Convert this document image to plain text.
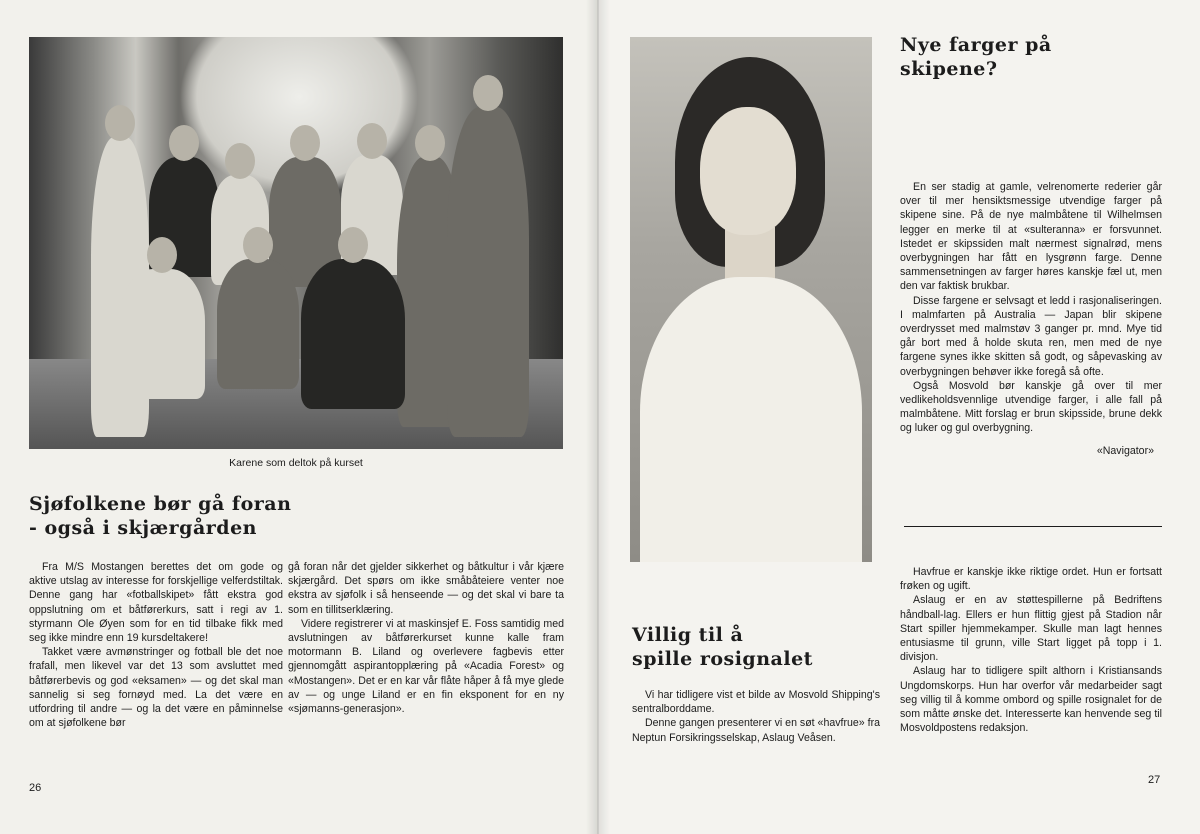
Karene som deltok på kurset
Sjøfolkene bør gå foran
- også i skjærgården

Fra M/S Mostangen berettes det om gode og aktive utslag av interesse for forskjellige velferdstiltak. Denne gang har «fotballskipet» fått ekstra god oppslutning om et båtførerkurs, satt i regi av 1. styrmann Ole Øyen som for en tid tilbake fikk med seg ikke mindre enn 19 kursdeltakere!

Takket være avmønstringer og fotball ble det noe frafall, men likevel var det 13 som avsluttet med båtførerbevis og god «eksamen» — og det skal man sannelig si seg fornøyd med. La det være en utfordring til andre — og la det være en påminnelse om at sjøfolkene bør

gå foran når det gjelder sikkerhet og båtkultur i vår kjære skjærgård. Det spørs om ikke småbåteiere venter noe ekstra av sjøfolk i så henseende — og det skal vi bare ta som en tillitserklæring.

Videre registrerer vi at maskinsjef E. Foss samtidig med avslutningen av båtførerkurset kunne kalle fram motormann B. Liland og overlevere fagbevis etter gjennomgått aspirantopplæring på «Acadia Forest» og «Mostangen». Det er en kar vår flåte håper å få mye glede av — og unge Liland er en fin eksponent for en ny «sjømanns-generasjon».

26
Nye farger på
skipene?

En ser stadig at gamle, velrenomerte rederier går over til mer hensiktsmessige utvendige farger på skipene sine. På de nye malmbåtene til Wilhelmsen legger en merke til at «sulteranna» er forsvunnet. Istedet er skipssiden malt nærmest signalrød, mens overbygningen har fått en lysgrønn farge. Denne sammensetningen av farger høres kanskje fæl ut, men den var faktisk brukbar.

Disse fargene er selvsagt et ledd i rasjonaliseringen. I malmfarten på Australia — Japan blir skipene overdrysset med malmstøv 3 ganger pr. mnd. Mye tid går bort med å holde skuta ren, men med de nye fargene synes ikke skitten så godt, og såpevasking av overbygningen behøver ikke foregå så ofte.

Også Mosvold bør kanskje gå over til mer vedlikeholdsvennlige utvendige farger, i alle fall på malmbåtene. Mitt forslag er brun skipsside, brune dekk og luker og gul overbygning.

«Navigator»
Villig til å
spille rosignalet

Vi har tidligere vist et bilde av Mosvold Shipping's sentralborddame.

Denne gangen presenterer vi en søt «havfrue» fra Neptun Forsikringsselskap, Aslaug Veåsen.

Havfrue er kanskje ikke riktige ordet. Hun er fortsatt frøken og ugift.

Aslaug er en av støttespillerne på Bedriftens håndball-lag. Ellers er hun flittig gjest på Stadion når Start spiller hjemmekamper. Skulle man lagt hennes entusiasme til grunn, ville Start ligget på topp i 1. divisjon.

Aslaug har to tidligere spilt althorn i Kristiansands Ungdomskorps. Hun har overfor vår medarbeider sagt seg villig til å komme ombord og spille rosignalet for de som måtte ønske det. Interesserte kan henvende seg til Mosvoldpostens redaksjon.

27
